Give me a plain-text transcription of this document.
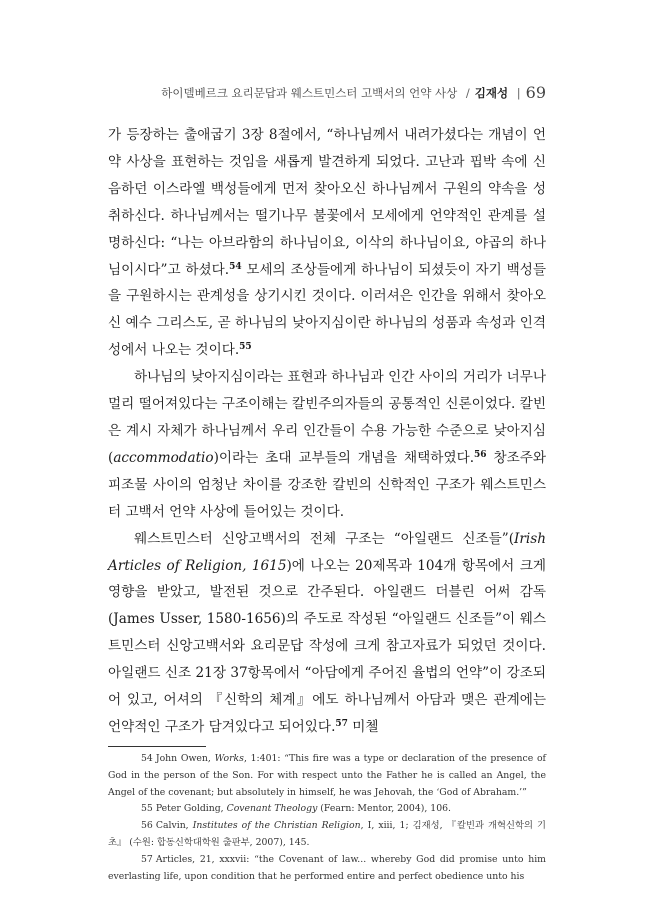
하이델베르크 요리문답과 웨스트민스터 고백서의 언약 사상 / 김재성 | 69

가 등장하는 출애굽기 3장 8절에서, “하나님께서 내려가셨다는 개념이 언약 사상을 표현하는 것임을 새롭게 발견하게 되었다. 고난과 핍박 속에 신음하던 이스라엘 백성들에게 먼저 찾아오신 하나님께서 구원의 약속을 성취하신다. 하나님께서는 떨기나무 불꽃에서 모세에게 언약적인 관계를 설명하신다: “나는 아브라함의 하나님이요, 이삭의 하나님이요, 야곱의 하나님이시다”고 하셨다.$^{54}$ 모세의 조상들에게 하나님이 되셨듯이 자기 백성들을 구원하시는 관계성을 상기시킨 것이다. 이러셔은 인간을 위해서 찾아오신 예수 그리스도, 곧 하나님의 낮아지심이란 하나님의 성품과 속성과 인격성에서 나오는 것이다.$^{55}$

하나님의 낮아지심이라는 표현과 하나님과 인간 사이의 거리가 너무나 멀리 떨어져있다는 구조이해는 칼빈주의자들의 공통적인 신론이었다. 칼빈은 계시 자체가 하나님께서 우리 인간들이 수용 가능한 수준으로 낮아지심(accommodatio)이라는 초대 교부들의 개념을 채택하였다.$^{56}$ 창조주와 피조물 사이의 엄청난 차이를 강조한 칼빈의 신학적인 구조가 웨스트민스터 고백서 언약 사상에 들어있는 것이다.

웨스트민스터 신앙고백서의 전체 구조는 “아일랜드 신조들”(Irish Articles of Religion, 1615)에 나오는 20제목과 104개 항목에서 크게 영향을 받았고, 발전된 것으로 간주된다. 아일랜드 더블린 어써 감독(James Usser, 1580-1656)의 주도로 작성된 “아일랜드 신조들”이 웨스트민스터 신앙고백서와 요리문답 작성에 크게 참고자료가 되었던 것이다. 아일랜드 신조 21장 37항목에서 “아담에게 주어진 율법의 언약”이 강조되어 있고, 어셔의 『신학의 체계』에도 하나님께서 아담과 맺은 관계에는 언약적인 구조가 담겨있다고 되어있다.$^{57}$ 미첼

54 John Owen, Works, 1:401: “This fire was a type or declaration of the presence of God in the person of the Son. For with respect unto the Father he is called an Angel, the Angel of the covenant; but absolutely in himself, he was Jehovah, the ‘God of Abraham.’”

55 Peter Golding, Covenant Theology (Fearn: Mentor, 2004), 106.

56 Calvin, Institutes of the Christian Religion, I, xiii, 1; 김재성, 『칼빈과 개혁신학의 기초』 (수원: 합동신학대학원 출판부, 2007), 145.

57 Articles, 21, xxxvii: “the Covenant of law... whereby God did promise unto him everlasting life, upon condition that he performed entire and perfect obedience unto his
